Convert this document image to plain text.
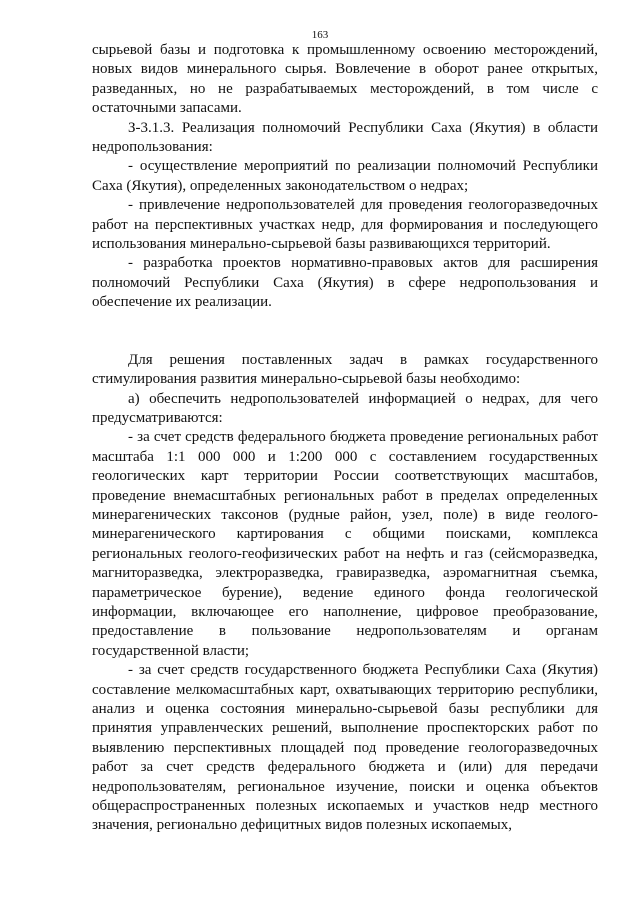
163

сырьевой базы и подготовка к промышленному освоению месторождений, новых видов минерального сырья. Вовлечение в оборот ранее открытых, разведанных, но не разрабатываемых месторождений, в том числе с остаточными запасами.

З-3.1.3. Реализация полномочий Республики Саха (Якутия) в области недропользования:

- осуществление мероприятий по реализации полномочий Республики Саха (Якутия), определенных законодательством о недрах;

- привлечение недропользователей для проведения геологоразведочных работ на перспективных участках недр, для формирования и последующего использования минерально-сырьевой базы развивающихся территорий.

- разработка проектов нормативно-правовых актов для расширения полномочий Республики Саха (Якутия) в сфере недропользования и обеспечение их реализации.

Для решения поставленных задач в рамках государственного стимулирования развития минерально-сырьевой базы необходимо:

а) обеспечить недропользователей информацией о недрах, для чего предусматриваются:

- за счет средств федерального бюджета проведение региональных работ масштаба 1:1 000 000 и 1:200 000 с составлением государственных геологических карт территории России соответствующих масштабов, проведение внемасштабных региональных работ в пределах определенных минерагенических таксонов (рудные район, узел, поле) в виде геолого-минерагенического картирования с общими поисками, комплекса региональных геолого-геофизических работ на нефть и газ (сейсморазведка, магниторазведка, электроразведка, гравиразведка, аэромагнитная съемка, параметрическое бурение), ведение единого фонда геологической информации, включающее его наполнение, цифровое преобразование, предоставление в пользование недропользователям и органам государственной власти;

- за счет средств государственного бюджета Республики Саха (Якутия) составление мелкомасштабных карт, охватывающих территорию республики, анализ и оценка состояния минерально-сырьевой базы республики для принятия управленческих решений, выполнение проспекторских работ по выявлению перспективных площадей под проведение геологоразведочных работ за счет средств федерального бюджета и (или) для передачи недропользователям, региональное изучение, поиски и оценка объектов общераспространенных полезных ископаемых и участков недр местного значения, регионально дефицитных видов полезных ископаемых,
